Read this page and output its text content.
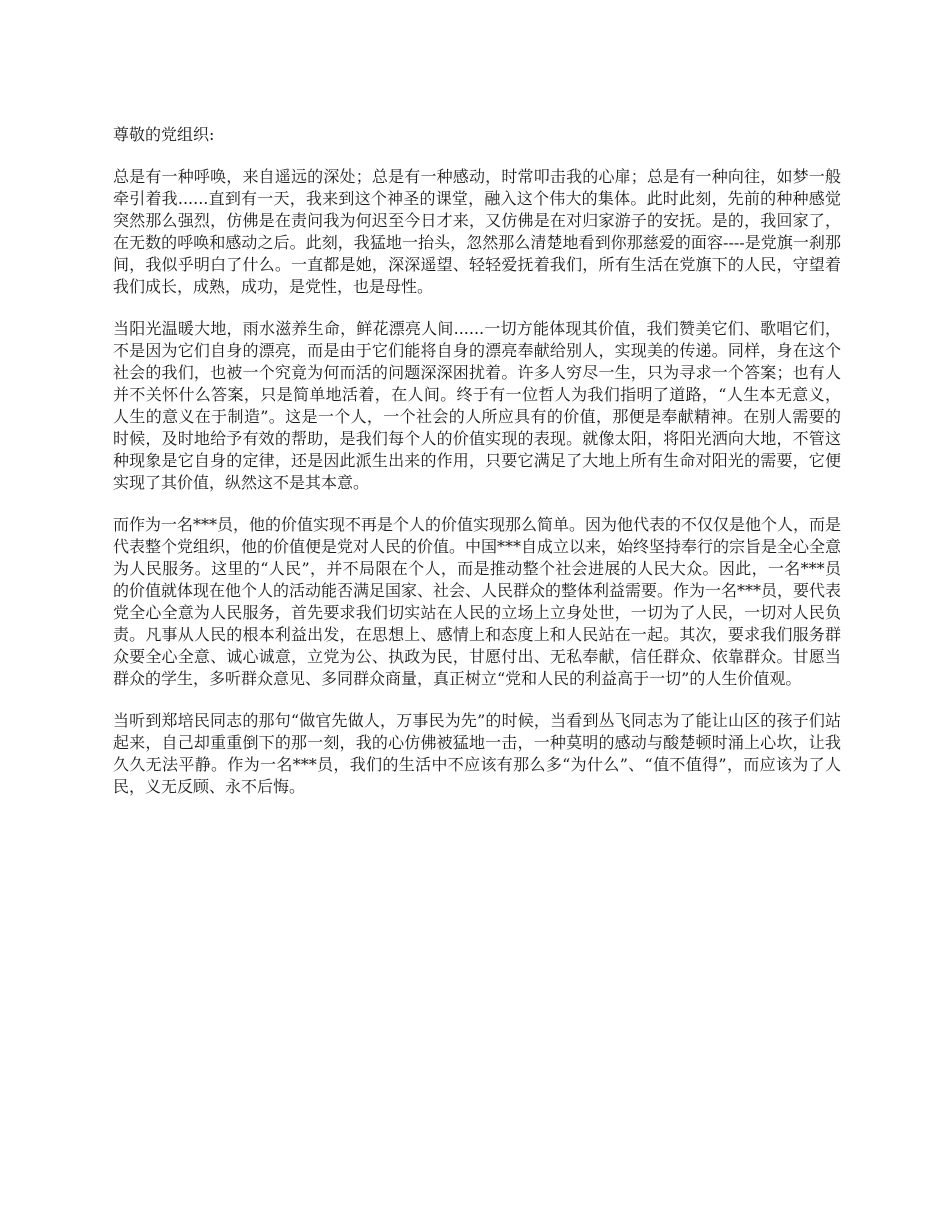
尊敬的党组织:

总是有一种呼唤，来自遥远的深处；总是有一种感动，时常叩击我的心扉；总是有一种向往，如梦一般牵引着我......直到有一天，我来到这个神圣的课堂，融入这个伟大的集体。此时此刻，先前的种种感觉突然那么强烈，仿佛是在责问我为何迟至今日才来，又仿佛是在对归家游子的安抚。是的，我回家了，在无数的呼唤和感动之后。此刻，我猛地一抬头，忽然那么清楚地看到你那慈爱的面容----是党旗一刹那间，我似乎明白了什么。一直都是她，深深遥望、轻轻爱抚着我们，所有生活在党旗下的人民，守望着我们成长，成熟，成功，是党性，也是母性。

当阳光温暖大地，雨水滋养生命，鲜花漂亮人间......一切方能体现其价值，我们赞美它们、歌唱它们，不是因为它们自身的漂亮，而是由于它们能将自身的漂亮奉献给别人，实现美的传递。同样，身在这个社会的我们，也被一个究竟为何而活的问题深深困扰着。许多人穷尽一生，只为寻求一个答案；也有人并不关怀什么答案，只是简单地活着，在人间。终于有一位哲人为我们指明了道路，“人生本无意义，人生的意义在于制造”。这是一个人，一个社会的人所应具有的价值，那便是奉献精神。在别人需要的时候，及时地给予有效的帮助，是我们每个人的价值实现的表现。就像太阳，将阳光洒向大地，不管这种现象是它自身的定律，还是因此派生出来的作用，只要它满足了大地上所有生命对阳光的需要，它便实现了其价值，纵然这不是其本意。

而作为一名***员，他的价值实现不再是个人的价值实现那么简单。因为他代表的不仅仅是他个人，而是代表整个党组织，他的价值便是党对人民的价值。中国***自成立以来，始终坚持奉行的宗旨是全心全意为人民服务。这里的“人民”，并不局限在个人，而是推动整个社会进展的人民大众。因此，一名***员的价值就体现在他个人的活动能否满足国家、社会、人民群众的整体利益需要。作为一名***员，要代表党全心全意为人民服务，首先要求我们切实站在人民的立场上立身处世，一切为了人民，一切对人民负责。凡事从人民的根本利益出发，在思想上、感情上和态度上和人民站在一起。其次，要求我们服务群众要全心全意、诚心诚意，立党为公、执政为民，甘愿付出、无私奉献，信任群众、依靠群众。甘愿当群众的学生，多听群众意见、多同群众商量，真正树立“党和人民的利益高于一切”的人生价值观。

当听到郑培民同志的那句“做官先做人，万事民为先”的时候，当看到丛飞同志为了能让山区的孩子们站起来，自己却重重倒下的那一刻，我的心仿佛被猛地一击，一种莫明的感动与酸楚顿时涌上心坎，让我久久无法平静。作为一名***员，我们的生活中不应该有那么多“为什么”、“值不值得”，而应该为了人民，义无反顾、永不后悔。
